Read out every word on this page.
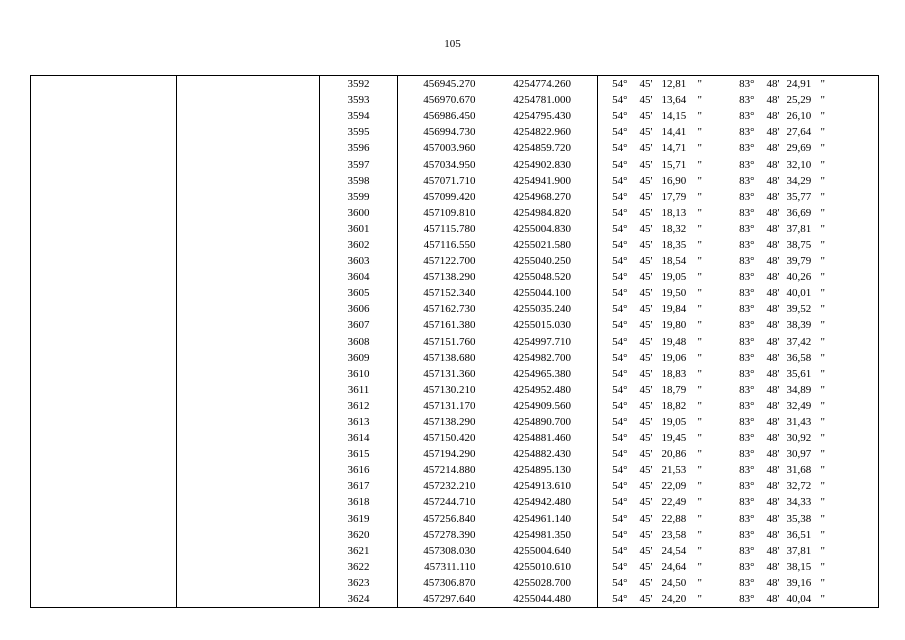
105
		3592	456945.270	4254774.260	54°	45'	12,81	"	83°	48'	24,91	"
		3593	456970.670	4254781.000	54°	45'	13,64	"	83°	48'	25,29	"
		3594	456986.450	4254795.430	54°	45'	14,15	"	83°	48'	26,10	"
		3595	456994.730	4254822.960	54°	45'	14,41	"	83°	48'	27,64	"
		3596	457003.960	4254859.720	54°	45'	14,71	"	83°	48'	29,69	"
		3597	457034.950	4254902.830	54°	45'	15,71	"	83°	48'	32,10	"
		3598	457071.710	4254941.900	54°	45'	16,90	"	83°	48'	34,29	"
		3599	457099.420	4254968.270	54°	45'	17,79	"	83°	48'	35,77	"
		3600	457109.810	4254984.820	54°	45'	18,13	"	83°	48'	36,69	"
		3601	457115.780	4255004.830	54°	45'	18,32	"	83°	48'	37,81	"
		3602	457116.550	4255021.580	54°	45'	18,35	"	83°	48'	38,75	"
		3603	457122.700	4255040.250	54°	45'	18,54	"	83°	48'	39,79	"
		3604	457138.290	4255048.520	54°	45'	19,05	"	83°	48'	40,26	"
		3605	457152.340	4255044.100	54°	45'	19,50	"	83°	48'	40,01	"
		3606	457162.730	4255035.240	54°	45'	19,84	"	83°	48'	39,52	"
		3607	457161.380	4255015.030	54°	45'	19,80	"	83°	48'	38,39	"
		3608	457151.760	4254997.710	54°	45'	19,48	"	83°	48'	37,42	"
		3609	457138.680	4254982.700	54°	45'	19,06	"	83°	48'	36,58	"
		3610	457131.360	4254965.380	54°	45'	18,83	"	83°	48'	35,61	"
		3611	457130.210	4254952.480	54°	45'	18,79	"	83°	48'	34,89	"
		3612	457131.170	4254909.560	54°	45'	18,82	"	83°	48'	32,49	"
		3613	457138.290	4254890.700	54°	45'	19,05	"	83°	48'	31,43	"
		3614	457150.420	4254881.460	54°	45'	19,45	"	83°	48'	30,92	"
		3615	457194.290	4254882.430	54°	45'	20,86	"	83°	48'	30,97	"
		3616	457214.880	4254895.130	54°	45'	21,53	"	83°	48'	31,68	"
		3617	457232.210	4254913.610	54°	45'	22,09	"	83°	48'	32,72	"
		3618	457244.710	4254942.480	54°	45'	22,49	"	83°	48'	34,33	"
		3619	457256.840	4254961.140	54°	45'	22,88	"	83°	48'	35,38	"
		3620	457278.390	4254981.350	54°	45'	23,58	"	83°	48'	36,51	"
		3621	457308.030	4255004.640	54°	45'	24,54	"	83°	48'	37,81	"
		3622	457311.110	4255010.610	54°	45'	24,64	"	83°	48'	38,15	"
		3623	457306.870	4255028.700	54°	45'	24,50	"	83°	48'	39,16	"
		3624	457297.640	4255044.480	54°	45'	24,20	"	83°	48'	40,04	"
